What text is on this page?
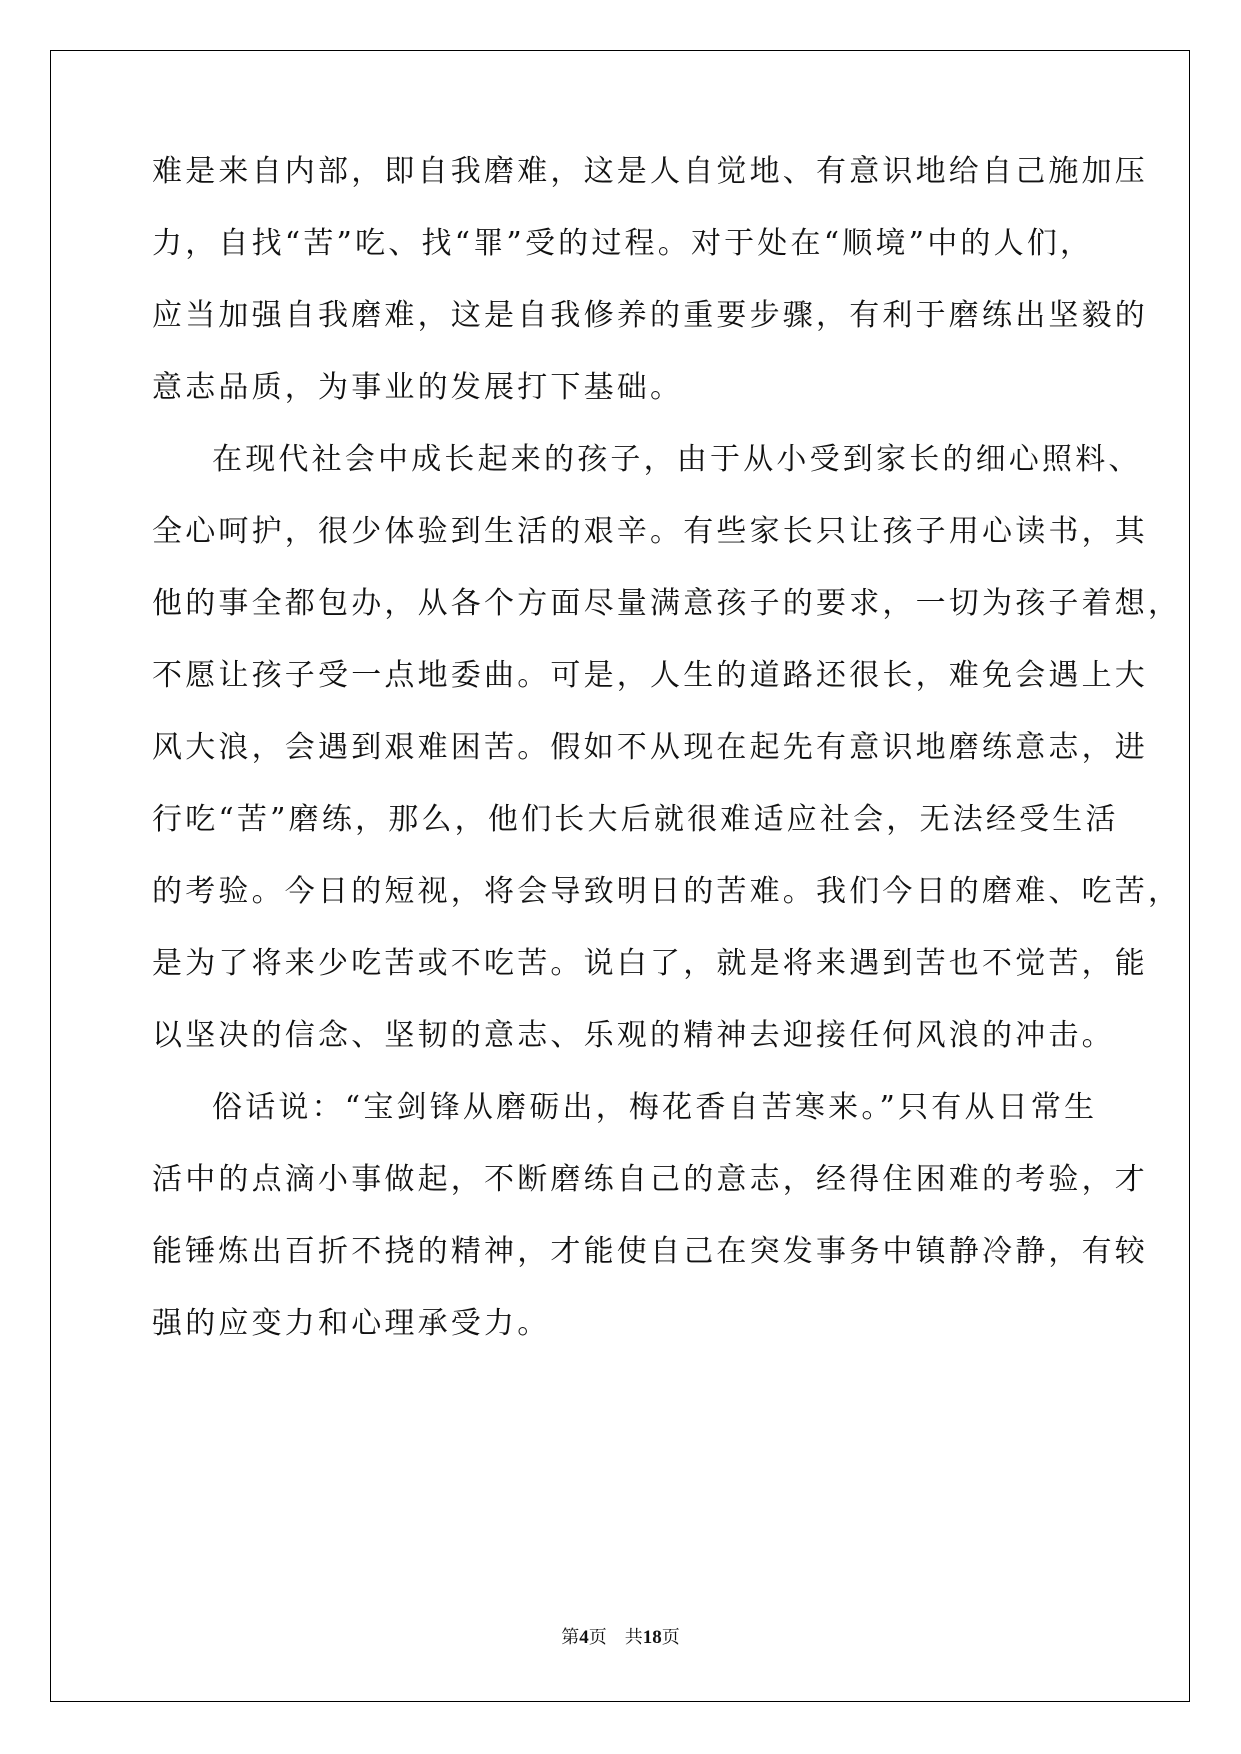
难是来自内部，即自我磨难，这是人自觉地、有意识地给自己施加压
力，自找“苦”吃、找“罪”受的过程。对于处在“顺境”中的人们，
应当加强自我磨难，这是自我修养的重要步骤，有利于磨练出坚毅的
意志品质，为事业的发展打下基础。
在现代社会中成长起来的孩子，由于从小受到家长的细心照料、
全心呵护，很少体验到生活的艰辛。有些家长只让孩子用心读书，其
他的事全都包办，从各个方面尽量满意孩子的要求，一切为孩子着想，
不愿让孩子受一点地委曲。可是，人生的道路还很长，难免会遇上大
风大浪，会遇到艰难困苦。假如不从现在起先有意识地磨练意志，进
行吃“苦”磨练，那么，他们长大后就很难适应社会，无法经受生活
的考验。今日的短视，将会导致明日的苦难。我们今日的磨难、吃苦，
是为了将来少吃苦或不吃苦。说白了，就是将来遇到苦也不觉苦，能
以坚决的信念、坚韧的意志、乐观的精神去迎接任何风浪的冲击。
俗话说：“宝剑锋从磨砺出，梅花香自苦寒来。”只有从日常生
活中的点滴小事做起，不断磨练自己的意志，经得住困难的考验，才
能锤炼出百折不挠的精神，才能使自己在突发事务中镇静冷静，有较
强的应变力和心理承受力。
第4页 共18页
